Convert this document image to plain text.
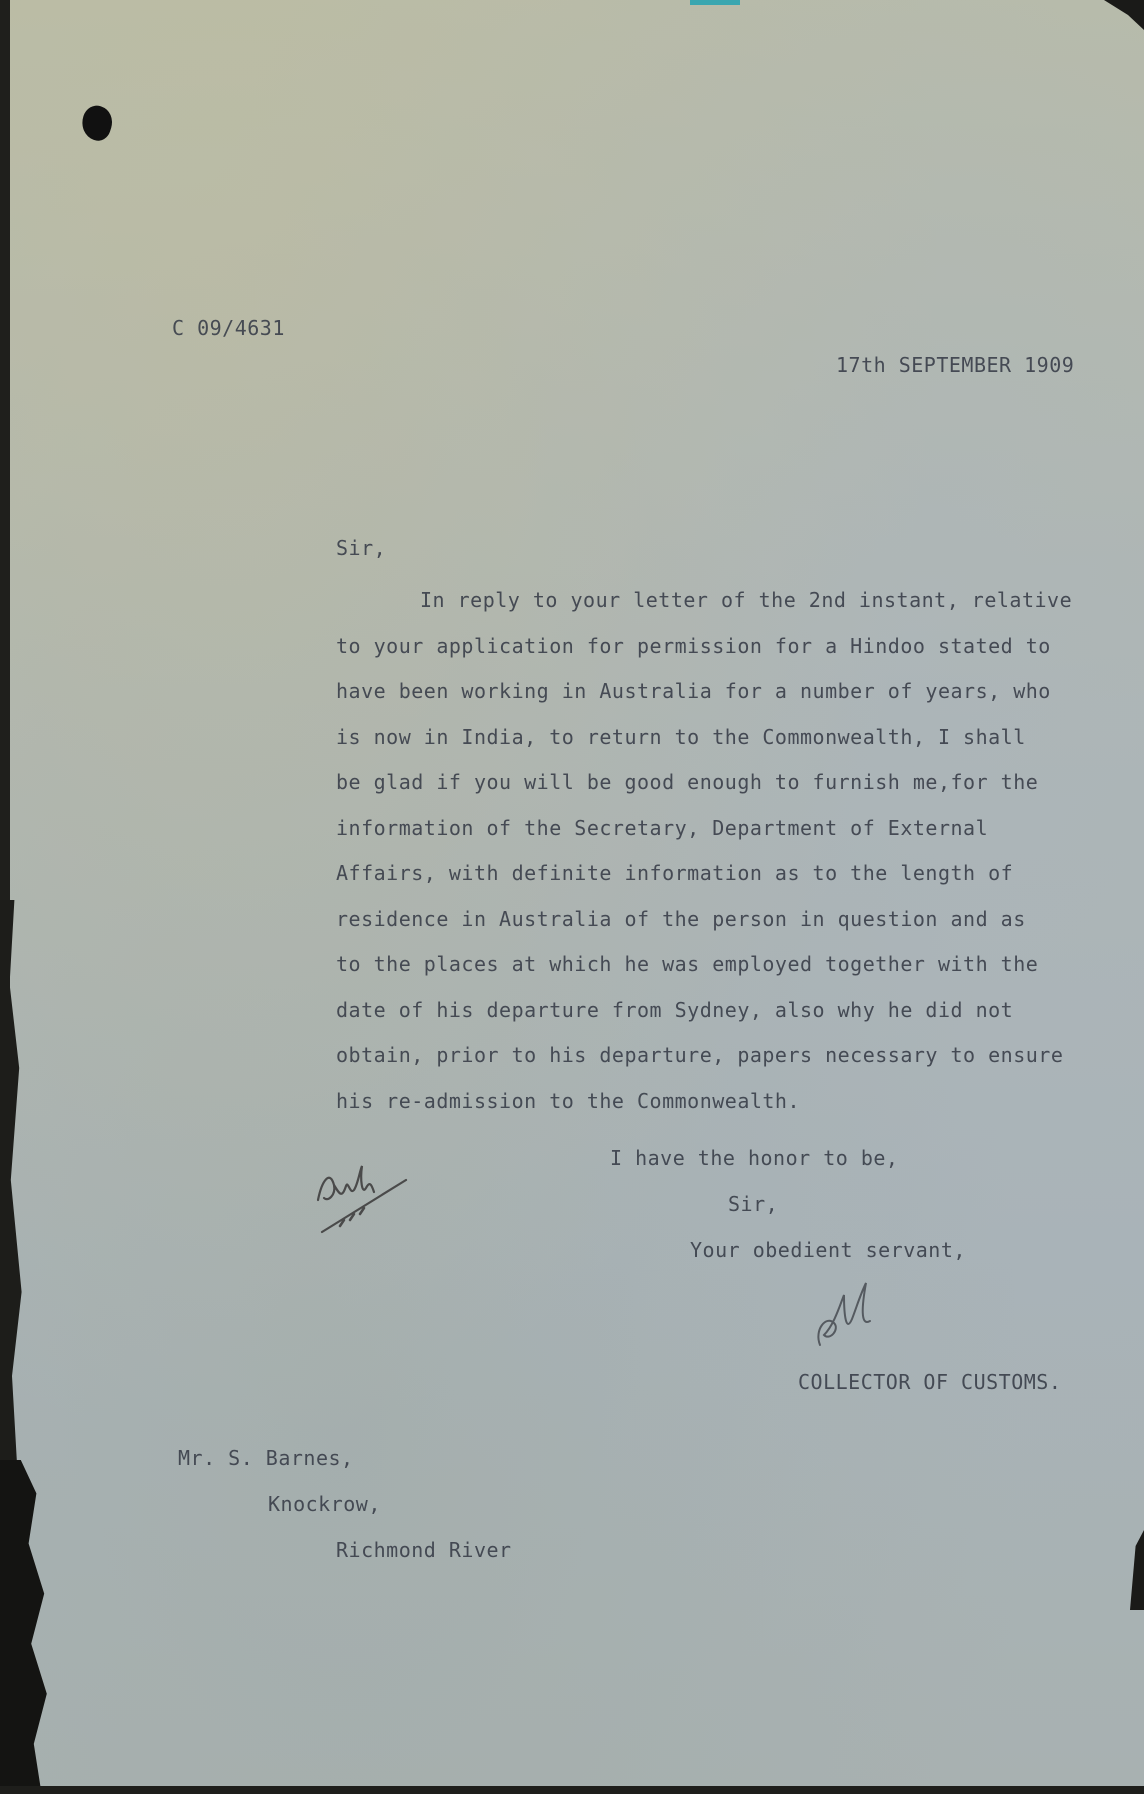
C 09/4631
17th SEPTEMBER 1909
Sir,
In reply to your letter of the 2nd instant, relative
to your application for permission for a Hindoo stated to
have been working in Australia for a number of years, who
is now in India, to return to the Commonwealth, I shall
be glad if you will be good enough to furnish me,for the
information of the Secretary, Department of External
Affairs, with definite information as to the length of
residence in Australia of the person in question and as
to the places at which he was employed together with the
date of his departure from Sydney, also why he did not
obtain, prior to his departure, papers necessary to ensure
his re-admission to the Commonwealth.
I have the honor to be,
Sir,
Your obedient servant,
COLLECTOR OF CUSTOMS.
Mr. S. Barnes,
Knockrow,
Richmond River
